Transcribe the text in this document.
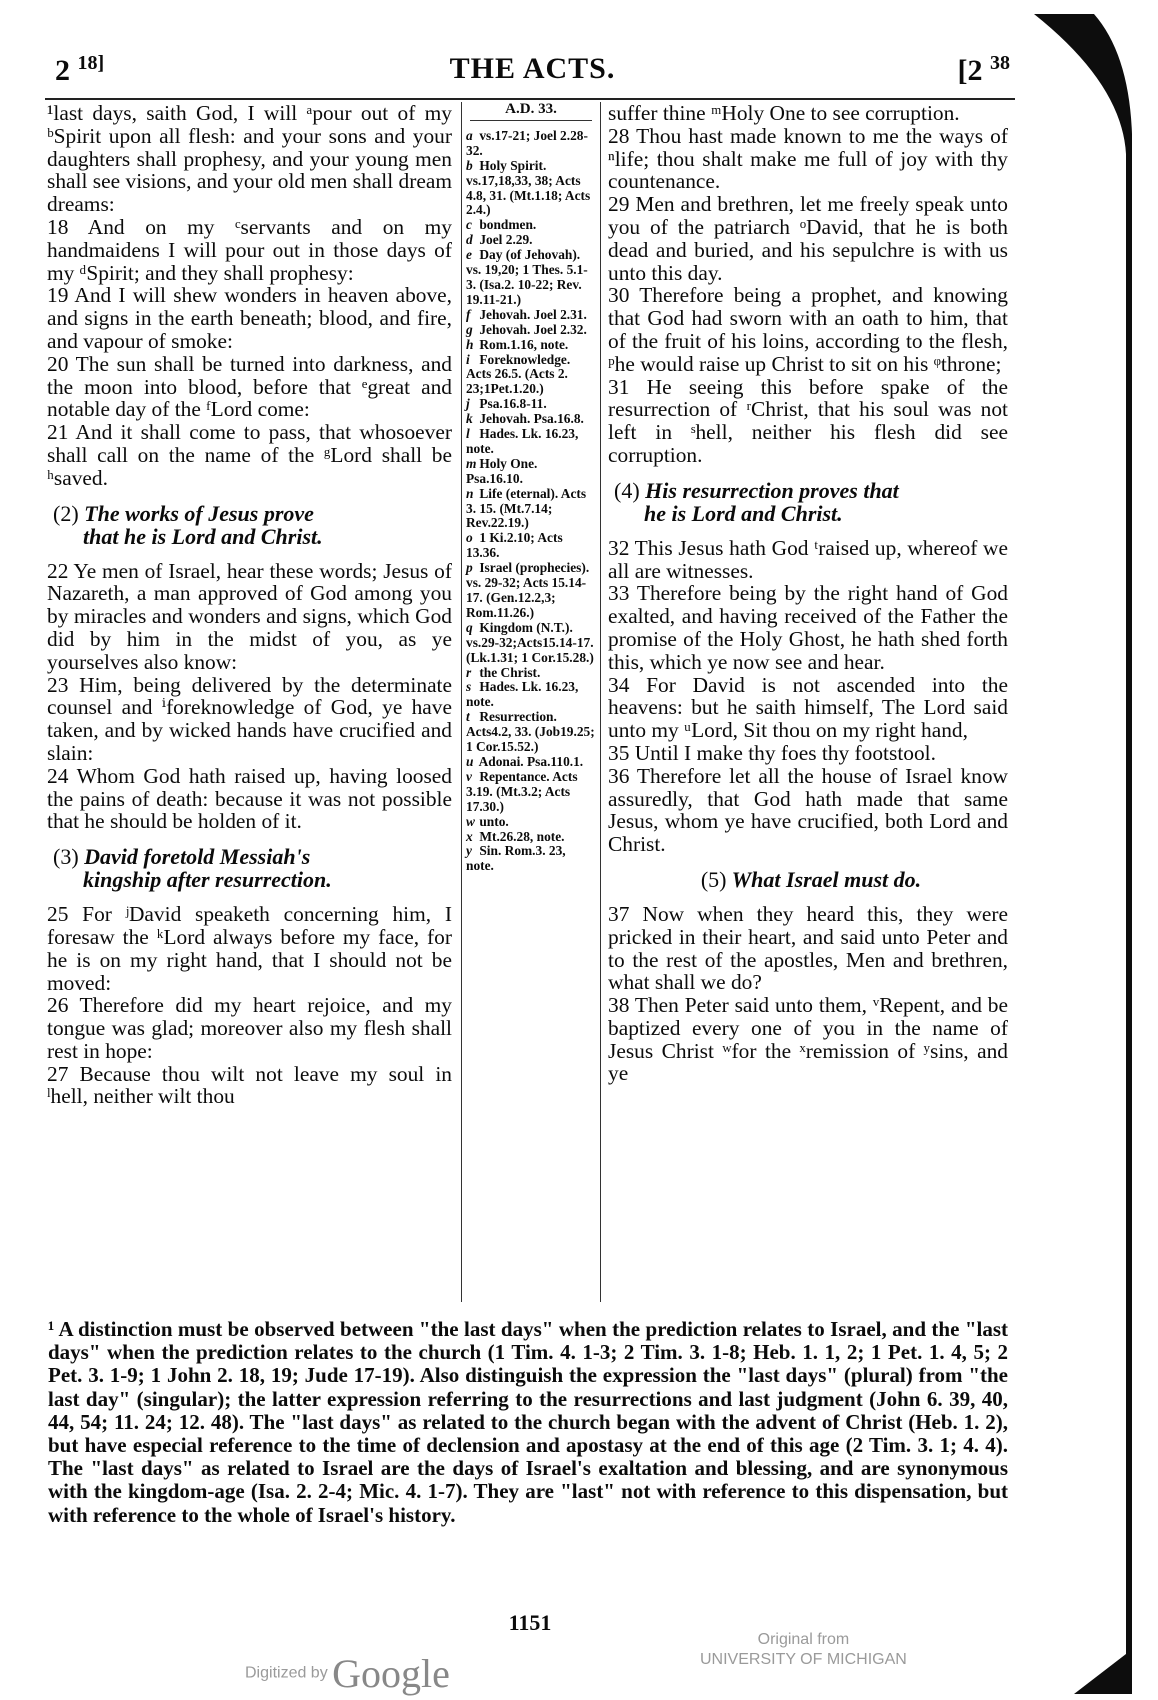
2 $^{18]}$	THE ACTS.	[2 $^{38}$

¹last days, saith God, I will ᵃpour out of my ᵇSpirit upon all flesh: and your sons and your daughters shall prophesy, and your young men shall see visions, and your old men shall dream dreams:

18 And on my ᶜservants and on my handmaidens I will pour out in those days of my ᵈSpirit; and they shall prophesy:

19 And I will shew wonders in heaven above, and signs in the earth beneath; blood, and fire, and vapour of smoke:

20 The sun shall be turned into darkness, and the moon into blood, before that ᵉgreat and notable day of the ᶠLord come:

21 And it shall come to pass, that whosoever shall call on the name of the ᵍLord shall be ʰsaved.

(2) The works of Jesus prove
that he is Lord and Christ.

22 Ye men of Israel, hear these words; Jesus of Nazareth, a man approved of God among you by miracles and wonders and signs, which God did by him in the midst of you, as ye yourselves also know:

23 Him, being delivered by the determinate counsel and ⁱforeknowledge of God, ye have taken, and by wicked hands have crucified and slain:

24 Whom God hath raised up, having loosed the pains of death: because it was not possible that he should be holden of it.

(3) David foretold Messiah's
kingship after resurrection.

25 For ʲDavid speaketh concerning him, I foresaw the ᵏLord always before my face, for he is on my right hand, that I should not be moved:

26 Therefore did my heart rejoice, and my tongue was glad; moreover also my flesh shall rest in hope:

27 Because thou wilt not leave my soul in ˡhell, neither wilt thou

A.D. 33.

a vs.17-21; Joel 2.28-32.

b Holy Spirit. vs.17,18,33, 38; Acts 4.8, 31. (Mt.1.18; Acts 2.4.)

c bondmen.

d Joel 2.29.

e Day (of Jehovah). vs. 19,20; 1 Thes. 5.1-3. (Isa.2. 10-22; Rev. 19.11-21.)

f Jehovah. Joel 2.31.

g Jehovah. Joel 2.32.

h Rom.1.16, note.

i Foreknowledge. Acts 26.5. (Acts 2. 23;1Pet.1.20.)

j Psa.16.8-11.

k Jehovah. Psa.16.8.

l Hades. Lk. 16.23, note.

m Holy One. Psa.16.10.

n Life (eternal). Acts 3. 15. (Mt.7.14; Rev.22.19.)

o 1 Ki.2.10; Acts 13.36.

p Israel (prophecies). vs. 29-32; Acts 15.14-17. (Gen.12.2,3; Rom.11.26.)

q Kingdom (N.T.). vs.29-32;Acts15.14-17. (Lk.1.31; 1 Cor.15.28.)

r the Christ.

s Hades. Lk. 16.23, note.

t Resurrection. Acts4.2, 33. (Job19.25; 1 Cor.15.52.)

u Adonai. Psa.110.1.

v Repentance. Acts 3.19. (Mt.3.2; Acts 17.30.)

w unto.

x Mt.26.28, note.

y Sin. Rom.3. 23, note.

suffer thine ᵐHoly One to see corruption.

28 Thou hast made known to me the ways of ⁿlife; thou shalt make me full of joy with thy countenance.

29 Men and brethren, let me freely speak unto you of the patriarch ᵒDavid, that he is both dead and buried, and his sepulchre is with us unto this day.

30 Therefore being a prophet, and knowing that God had sworn with an oath to him, that of the fruit of his loins, according to the flesh, ᵖhe would raise up Christ to sit on his ᵠthrone;

31 He seeing this before spake of the resurrection of ʳChrist, that his soul was not left in ˢhell, neither his flesh did see corruption.

(4) His resurrection proves that
he is Lord and Christ.

32 This Jesus hath God ᵗraised up, whereof we all are witnesses.

33 Therefore being by the right hand of God exalted, and having received of the Father the promise of the Holy Ghost, he hath shed forth this, which ye now see and hear.

34 For David is not ascended into the heavens: but he saith himself, The Lord said unto my ᵘLord, Sit thou on my right hand,

35 Until I make thy foes thy footstool.

36 Therefore let all the house of Israel know assuredly, that God hath made that same Jesus, whom ye have crucified, both Lord and Christ.

(5) What Israel must do.

37 Now when they heard this, they were pricked in their heart, and said unto Peter and to the rest of the apostles, Men and brethren, what shall we do?

38 Then Peter said unto them, ᵛRepent, and be baptized every one of you in the name of Jesus Christ ʷfor the ˣremission of ʸsins, and ye

¹ A distinction must be observed between "the last days" when the prediction relates to Israel, and the "last days" when the prediction relates to the church (1 Tim. 4. 1-3; 2 Tim. 3. 1-8; Heb. 1. 1, 2; 1 Pet. 1. 4, 5; 2 Pet. 3. 1-9; 1 John 2. 18, 19; Jude 17-19). Also distinguish the expression the "last days" (plural) from "the last day" (singular); the latter expression referring to the resurrections and last judgment (John 6. 39, 40, 44, 54; 11. 24; 12. 48). The "last days" as related to the church began with the advent of Christ (Heb. 1. 2), but have especial reference to the time of declension and apostasy at the end of this age (2 Tim. 3. 1; 4. 4). The "last days" as related to Israel are the days of Israel's exaltation and blessing, and are synonymous with the kingdom-age (Isa. 2. 2-4; Mic. 4. 1-7). They are "last" not with reference to this dispensation, but with reference to the whole of Israel's history.
1151
Digitized by Google
Original from
UNIVERSITY OF MICHIGAN
